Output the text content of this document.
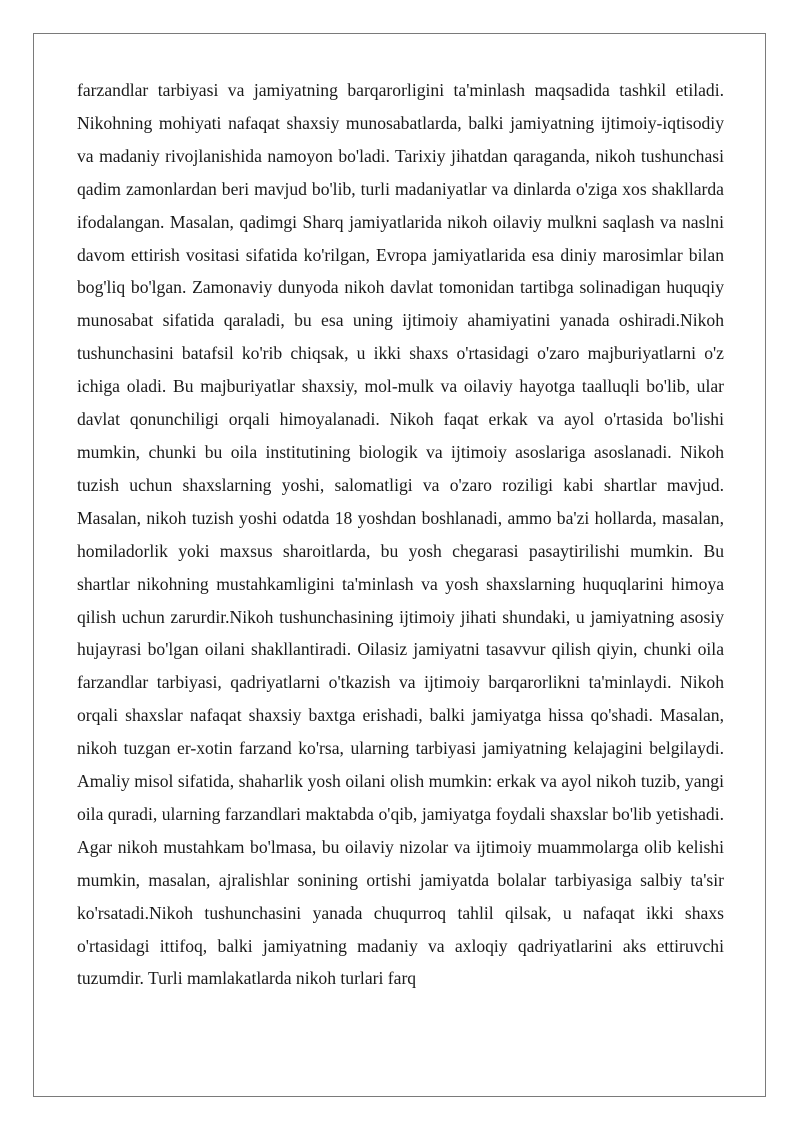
farzandlar tarbiyasi va jamiyatning barqarorligini ta'minlash maqsadida tashkil etiladi. Nikohning mohiyati nafaqat shaxsiy munosabatlarda, balki jamiyatning ijtimoiy-iqtisodiy va madaniy rivojlanishida namoyon bo'ladi. Tarixiy jihatdan qaraganda, nikoh tushunchasi qadim zamonlardan beri mavjud bo'lib, turli madaniyatlar va dinlarda o'ziga xos shakllarda ifodalangan. Masalan, qadimgi Sharq jamiyatlarida nikoh oilaviy mulkni saqlash va naslni davom ettirish vositasi sifatida ko'rilgan, Evropa jamiyatlarida esa diniy marosimlar bilan bog'liq bo'lgan. Zamonaviy dunyoda nikoh davlat tomonidan tartibga solinadigan huquqiy munosabat sifatida qaraladi, bu esa uning ijtimoiy ahamiyatini yanada oshiradi.Nikoh tushunchasini batafsil ko'rib chiqsak, u ikki shaxs o'rtasidagi o'zaro majburiyatlarni o'z ichiga oladi. Bu majburiyatlar shaxsiy, mol-mulk va oilaviy hayotga taalluqli bo'lib, ular davlat qonunchiligi orqali himoyalanadi. Nikoh faqat erkak va ayol o'rtasida bo'lishi mumkin, chunki bu oila institutining biologik va ijtimoiy asoslariga asoslanadi. Nikoh tuzish uchun shaxslarning yoshi, salomatligi va o'zaro roziligi kabi shartlar mavjud. Masalan, nikoh tuzish yoshi odatda 18 yoshdan boshlanadi, ammo ba'zi hollarda, masalan, homiladorlik yoki maxsus sharoitlarda, bu yosh chegarasi pasaytirilishi mumkin. Bu shartlar nikohning mustahkamligini ta'minlash va yosh shaxslarning huquqlarini himoya qilish uchun zarurdir.Nikoh tushunchasining ijtimoiy jihati shundaki, u jamiyatning asosiy hujayrasi bo'lgan oilani shakllantiradi. Oilasiz jamiyatni tasavvur qilish qiyin, chunki oila farzandlar tarbiyasi, qadriyatlarni o'tkazish va ijtimoiy barqarorlikni ta'minlaydi. Nikoh orqali shaxslar nafaqat shaxsiy baxtga erishadi, balki jamiyatga hissa qo'shadi. Masalan, nikoh tuzgan er-xotin farzand ko'rsa, ularning tarbiyasi jamiyatning kelajagini belgilaydi. Amaliy misol sifatida, shaharlik yosh oilani olish mumkin: erkak va ayol nikoh tuzib, yangi oila quradi, ularning farzandlari maktabda o'qib, jamiyatga foydali shaxslar bo'lib yetishadi. Agar nikoh mustahkam bo'lmasa, bu oilaviy nizolar va ijtimoiy muammolarga olib kelishi mumkin, masalan, ajralishlar sonining ortishi jamiyatda bolalar tarbiyasiga salbiy ta'sir ko'rsatadi.Nikoh tushunchasini yanada chuqurroq tahlil qilsak, u nafaqat ikki shaxs o'rtasidagi ittifoq, balki jamiyatning madaniy va axloqiy qadriyatlarini aks ettiruvchi tuzumdir. Turli mamlakatlarda nikoh turlari farq
